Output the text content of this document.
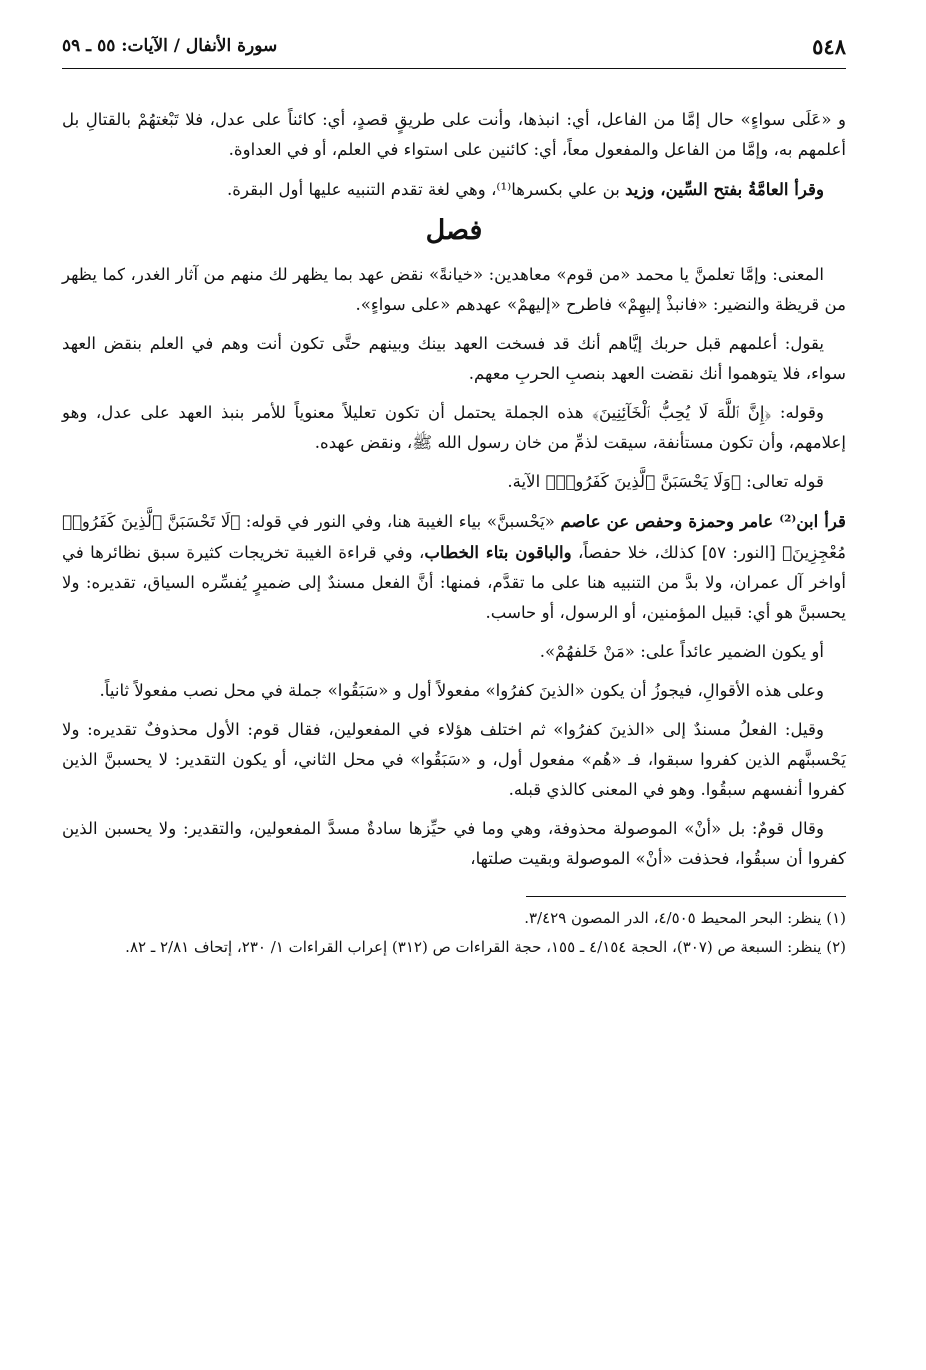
٥٤٨
سورة الأنفال / الآيات: ٥٥ ـ ٥٩

و «عَلَى سواءٍ» حال إمَّا من الفاعل، أي: انبذها، وأنت على طريقٍ قصدٍ، أي: كائناً على عدل، فلا تَبْغتهُمْ بالقتالِ بل أعلمهم به، وإمَّا من الفاعل والمفعول معاً، أي: كائنين على استواء في العلم، أو في العداوة.

وقرأ العامَّةُ بفتح السِّين، وزيد بن علي بكسرها⁽¹⁾، وهي لغة تقدم التنبيه عليها أول البقرة.

فصل

المعنى: وإمَّا تعلمنَّ يا محمد «من قوم» معاهدين: «خيانةً» نقض عهد بما يظهر لك منهم من آثار الغدر، كما يظهر من قريظة والنضير: «فانبذْ إليهِمْ» فاطرح «إليهمْ» عهدهم «على سواءٍ».

يقول: أعلمهم قبل حربك إيَّاهم أنك قد فسخت العهد بينك وبينهم حتَّى تكون أنت وهم في العلم بنقض العهد سواء، فلا يتوهموا أنك نقضت العهد بنصبِ الحربِ معهم.

وقوله: ﴿إِنَّ ٱللَّهَ لَا يُحِبُّ ٱلْخَآئِنِينَ﴾ هذه الجملة يحتمل أن تكون تعليلاً معنوياً للأمر بنبذ العهد على عدل، وهو إعلامهم، وأن تكون مستأنفة، سيقت لذمِّ من خان رسول الله ﷺ، ونقض عهده.

قوله تعالى: ﴿وَلَا يَحْسَبَنَّ ٱلَّذِينَ كَفَرُوا۟﴾ الآية.

قرأ ابن⁽²⁾ عامر وحمزة وحفص عن عاصم «يَحْسبنَّ» بياء الغيبة هنا، وفي النور في قوله: ﴿لَا تَحْسَبَنَّ ٱلَّذِينَ كَفَرُوا۟ مُعْجِزِينَ﴾ [النور: ٥٧] كذلك، خلا حفصاً، والباقون بتاء الخطاب، وفي قراءة الغيبة تخريجات كثيرة سبق نظائرها في أواخر آل عمران، ولا بدَّ من التنبيه هنا على ما تقدَّم، فمنها: أنَّ الفعل مسندٌ إلى ضميرٍ يُفسِّره السياق، تقديره: ولا يحسبنَّ هو أي: قبيل المؤمنين، أو الرسول، أو حاسب.

أو يكون الضمير عائداً على: «مَنْ خَلفهُمْ».

وعلى هذه الأقوالِ، فيجوزُ أن يكون «الذينَ كفرُوا» مفعولاً أول و «سَبَقُوا» جملة في محل نصب مفعولاً ثانياً.

وقيل: الفعلُ مسندٌ إلى «الذينَ كفرُوا» ثم اختلف هؤلاء في المفعولين، فقال قوم: الأول محذوفٌ تقديره: ولا يَحْسبنَّهم الذين كفروا سبقوا، فـ «هُم» مفعول أول، و «سَبَقُوا» في محل الثاني، أو يكون التقدير: لا يحسبنَّ الذين كفروا أنفسهم سبقُوا. وهو في المعنى كالذي قبله.

وقال قومٌ: بل «أنْ» الموصولة محذوفة، وهي وما في حيِّزها سادةٌ مسدَّ المفعولين، والتقدير: ولا يحسبن الذين كفروا أن سبقُوا، فحذفت «أنْ» الموصولة وبقيت صلتها،

(١) ينظر: البحر المحيط ٤/٥٠٥، الدر المصون ٣/٤٢٩.

(٢) ينظر: السبعة ص (٣٠٧)، الحجة ٤/١٥٤ ـ ١٥٥، حجة القراءات ص (٣١٢) إعراب القراءات ١/ ٢٣٠، إتحاف ٢/٨١ ـ ٨٢.
